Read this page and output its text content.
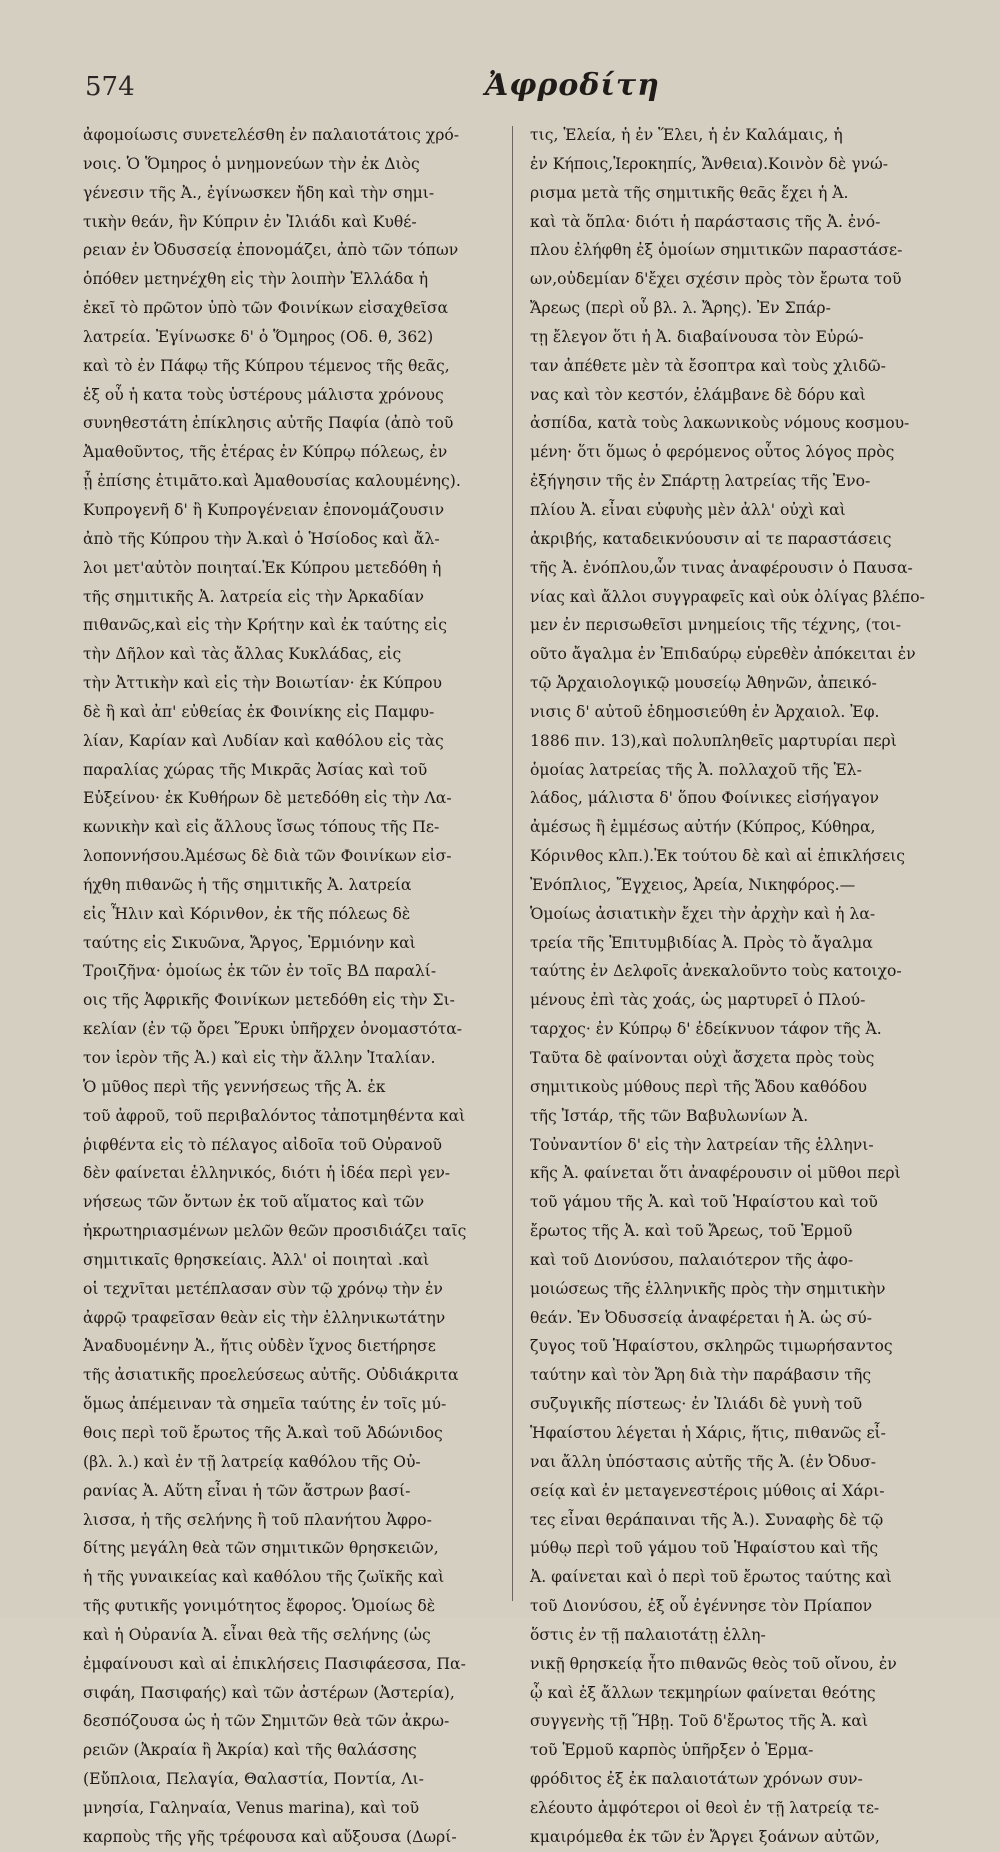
574	Ἀφροδίτη

ἀφομοίωσις συνετελέσθη ἐν παλαιοτάτοις χρό-
νοις. Ὁ Ὅμηρος ὁ μνημονεύων τὴν ἐκ Διὸς
γένεσιν τῆς Ἀ., ἐγίνωσκεν ἤδη καὶ τὴν σημι-
τικὴν θεάν, ἣν Κύπριν ἐν Ἰλιάδι καὶ Κυθέ-
ρειαν ἐν Ὀδυσσείᾳ ἐπονομάζει, ἀπὸ τῶν τόπων
ὁπόθεν μετηνέχθη εἰς τὴν λοιπὴν Ἑλλάδα ἡ
ἐκεῖ τὸ πρῶτον ὑπὸ τῶν Φοινίκων εἰσαχθεῖσα
λατρεία. Ἐγίνωσκε δ' ὁ Ὅμηρος (Οδ. θ, 362)
καὶ τὸ ἐν Πάφῳ τῆς Κύπρου τέμενος τῆς θεᾶς,
ἐξ οὗ ἡ κατα τοὺς ὑστέρους μάλιστα χρόνους
συνηθεστάτη ἐπίκλησις αὐτῆς Παφία (ἀπὸ τοῦ
Ἀμαθοῦντος, τῆς ἑτέρας ἐν Κύπρῳ πόλεως, ἐν
ᾗ ἐπίσης ἐτιμᾶτο.καὶ Ἀμαθουσίας καλουμένης).
Κυπρογενῆ δ' ἢ Κυπρογένειαν ἐπονομάζουσιν
ἀπὸ τῆς Κύπρου τὴν Ἀ.καὶ ὁ Ἡσίοδος καὶ ἄλ-
λοι μετ'αὐτὸν ποιηταί.Ἐκ Κύπρου μετεδόθη ἡ
τῆς σημιτικῆς Ἀ. λατρεία εἰς τὴν Ἀρκαδίαν
πιθανῶς,καὶ εἰς τὴν Κρήτην καὶ ἐκ ταύτης εἰς
τὴν Δῆλον καὶ τὰς ἄλλας Κυκλάδας, εἰς
τὴν Ἀττικὴν καὶ εἰς τὴν Βοιωτίαν· ἐκ Κύπρου
δὲ ἢ καὶ ἀπ' εὐθείας ἐκ Φοινίκης εἰς Παμφυ-
λίαν, Καρίαν καὶ Λυδίαν καὶ καθόλου εἰς τὰς
παραλίας χώρας τῆς Μικρᾶς Ἀσίας καὶ τοῦ
Εὐξείνου· ἐκ Κυθήρων δὲ μετεδόθη εἰς τὴν Λα-
κωνικὴν καὶ εἰς ἄλλους ἴσως τόπους τῆς Πε-
λοποννήσου.Ἀμέσως δὲ διὰ τῶν Φοινίκων εἰσ-
ήχθη πιθανῶς ἡ τῆς σημιτικῆς Ἀ. λατρεία
εἰς Ἦλιν καὶ Κόρινθον, ἐκ τῆς πόλεως δὲ
ταύτης εἰς Σικυῶνα, Ἄργος, Ἑρμιόνην καὶ
Τροιζῆνα· ὁμοίως ἐκ τῶν ἐν τοῖς ΒΔ παραλί-
οις τῆς Ἀφρικῆς Φοινίκων μετεδόθη εἰς τὴν Σι-
κελίαν (ἐν τῷ ὄρει Ἔρυκι ὑπῆρχεν ὀνομαστότα-
τον ἱερὸν τῆς Ἀ.) καὶ εἰς τὴν ἄλλην Ἰταλίαν.
Ὁ μῦθος περὶ τῆς γεννήσεως τῆς Ἀ. ἐκ
τοῦ ἀφροῦ, τοῦ περιβαλόντος τἀποτμηθέντα καὶ
ῥιφθέντα εἰς τὸ πέλαγος αἰδοῖα τοῦ Οὐρανοῦ
δὲν φαίνεται ἑλληνικός, διότι ἡ ἰδέα περὶ γεν-
νήσεως τῶν ὄντων ἐκ τοῦ αἵματος καὶ τῶν
ἠκρωτηριασμένων μελῶν θεῶν προσιδιάζει ταῖς
σημιτικαῖς θρησκείαις. Ἀλλ' οἱ ποιηταὶ .καὶ
οἱ τεχνῖται μετέπλασαν σὺν τῷ χρόνῳ τὴν ἐν
ἀφρῷ τραφεῖσαν θεὰν εἰς τὴν ἑλληνικωτάτην
Ἀναδυομένην Ἀ., ἥτις οὐδὲν ἴχνος διετήρησε
τῆς ἀσιατικῆς προελεύσεως αὐτῆς. Οὐδιάκριτα
ὅμως ἀπέμειναν τὰ σημεῖα ταύτης ἐν τοῖς μύ-
θοις περὶ τοῦ ἔρωτος τῆς Ἀ.καὶ τοῦ Ἀδώνιδος
(βλ. λ.) καὶ ἐν τῇ λατρείᾳ καθόλου τῆς Οὐ-
ρανίας Ἀ. Αὕτη εἶναι ἡ τῶν ἄστρων βασί-
λισσα, ἡ τῆς σελήνης ἢ τοῦ πλανήτου Ἀφρο-
δίτης μεγάλη θεὰ τῶν σημιτικῶν θρησκειῶν,
ἡ τῆς γυναικείας καὶ καθόλου τῆς ζωϊκῆς καὶ
τῆς φυτικῆς γονιμότητος ἔφορος. Ὁμοίως δὲ
καὶ ἡ Οὐρανία Ἀ. εἶναι θεὰ τῆς σελήνης (ὡς
ἐμφαίνουσι καὶ αἱ ἐπικλήσεις Πασιφάεσσα, Πα-
σιφάη, Πασιφαής) καὶ τῶν ἀστέρων (Ἀστερία),
δεσπόζουσα ὡς ἡ τῶν Σημιτῶν θεὰ τῶν ἀκρω-
ρειῶν (Ἀκραία ἢ Ἀκρία) καὶ τῆς θαλάσσης
(Εὔπλοια, Πελαγία, Θαλαστία, Ποντία, Λι-
μνησία, Γαληναία, Venus marina), καὶ τοῦ
καρποὺς τῆς γῆς τρέφουσα καὶ αὔξουσα (Δωρί-

τις, Ἑλεία, ἡ ἐν Ἕλει, ἡ ἐν Καλάμαις, ἡ
ἐν Κήποις,Ἱεροκηπίς, Ἄνθεια).Κοινὸν δὲ γνώ-
ρισμα μετὰ τῆς σημιτικῆς θεᾶς ἔχει ἡ Ἀ.
καὶ τὰ ὅπλα· διότι ἡ παράστασις τῆς Ἀ. ἐνό-
πλου ἐλήφθη ἐξ ὁμοίων σημιτικῶν παραστάσε-
ων,οὐδεμίαν δ'ἔχει σχέσιν πρὸς τὸν ἔρωτα τοῦ
Ἄρεως (περὶ οὗ βλ. λ. Ἄρης). Ἐν Σπάρ-
τῃ ἔλεγον ὅτι ἡ Ἀ. διαβαίνουσα τὸν Εὐρώ-
ταν ἀπέθετε μὲν τὰ ἔσοπτρα καὶ τοὺς χλιδῶ-
νας καὶ τὸν κεστόν, ἐλάμβανε δὲ δόρυ καὶ
ἀσπίδα, κατὰ τοὺς λακωνικοὺς νόμους κοσμου-
μένη· ὅτι ὅμως ὁ φερόμενος οὗτος λόγος πρὸς
ἐξήγησιν τῆς ἐν Σπάρτῃ λατρείας τῆς Ἐνο-
πλίου Ἀ. εἶναι εὐφυὴς μὲν ἀλλ' οὐχὶ καὶ
ἀκριβής, καταδεικνύουσιν αἱ τε παραστάσεις
τῆς Ἀ. ἐνόπλου,ὧν τινας ἀναφέρουσιν ὁ Παυσα-
νίας καὶ ἄλλοι συγγραφεῖς καὶ οὐκ ὀλίγας βλέπο-
μεν ἐν περισωθεῖσι μνημείοις τῆς τέχνης, (τοι-
οῦτο ἄγαλμα ἐν Ἐπιδαύρῳ εὑρεθὲν ἀπόκειται ἐν
τῷ Ἀρχαιολογικῷ μουσείῳ Ἀθηνῶν, ἀπεικό-
νισις δ' αὐτοῦ ἐδημοσιεύθη ἐν Ἀρχαιολ. Ἐφ.
1886 πιν. 13),καὶ πολυπληθεῖς μαρτυρίαι περὶ
ὁμοίας λατρείας τῆς Ἀ. πολλαχοῦ τῆς Ἑλ-
λάδος, μάλιστα δ' ὅπου Φοίνικες εἰσήγαγον
ἀμέσως ἢ ἐμμέσως αὐτήν (Κύπρος, Κύθηρα,
Κόρινθος κλπ.).Ἐκ τούτου δὲ καὶ αἱ ἐπικλήσεις
Ἐνόπλιος, Ἔγχειος, Ἀρεία, Νικηφόρος.—
Ὁμοίως ἀσιατικὴν ἔχει τὴν ἀρχὴν καὶ ἡ λα-
τρεία τῆς Ἐπιτυμβιδίας Ἀ. Πρὸς τὸ ἄγαλμα
ταύτης ἐν Δελφοῖς ἀνεκαλοῦντο τοὺς κατοιχο-
μένους ἐπὶ τὰς χοάς, ὡς μαρτυρεῖ ὁ Πλού-
ταρχος· ἐν Κύπρῳ δ' ἐδείκνυον τάφον τῆς Ἀ.
Ταῦτα δὲ φαίνονται οὐχὶ ἄσχετα πρὸς τοὺς
σημιτικοὺς μύθους περὶ τῆς Ἄδου καθόδου
τῆς Ἰστάρ, τῆς τῶν Βαβυλωνίων Ἀ.
Τοὐναντίον δ' εἰς τὴν λατρείαν τῆς ἑλληνι-
κῆς Ἀ. φαίνεται ὅτι ἀναφέρουσιν οἱ μῦθοι περὶ
τοῦ γάμου τῆς Ἀ. καὶ τοῦ Ἡφαίστου καὶ τοῦ
ἔρωτος τῆς Ἀ. καὶ τοῦ Ἄρεως, τοῦ Ἑρμοῦ
καὶ τοῦ Διονύσου, παλαιότερον τῆς ἀφο-
μοιώσεως τῆς ἑλληνικῆς πρὸς τὴν σημιτικὴν
θεάν. Ἐν Ὀδυσσείᾳ ἀναφέρεται ἡ Ἀ. ὡς σύ-
ζυγος τοῦ Ἡφαίστου, σκληρῶς τιμωρήσαντος
ταύτην καὶ τὸν Ἄρη διὰ τὴν παράβασιν τῆς
συζυγικῆς πίστεως· ἐν Ἰλιάδι δὲ γυνὴ τοῦ
Ἡφαίστου λέγεται ἡ Χάρις, ἥτις, πιθανῶς εἶ-
ναι ἄλλη ὑπόστασις αὐτῆς τῆς Ἀ. (ἐν Ὀδυσ-
σείᾳ καὶ ἐν μεταγενεστέροις μύθοις αἱ Χάρι-
τες εἶναι θεράπαιναι τῆς Ἀ.). Συναφὴς δὲ τῷ
μύθῳ περὶ τοῦ γάμου τοῦ Ἡφαίστου καὶ τῆς
Ἀ. φαίνεται καὶ ὁ περὶ τοῦ ἔρωτος ταύτης καὶ
τοῦ Διονύσου, ἐξ οὗ ἐγέννησε τὸν Πρίαπον
ὅστις ἐν τῇ παλαιοτάτῃ ἑλλη-
νικῇ θρησκείᾳ ἦτο πιθανῶς θεὸς τοῦ οἴνου, ἐν
ᾧ καὶ ἐξ ἄλλων τεκμηρίων φαίνεται θεότης
συγγενὴς τῇ Ἥβῃ. Τοῦ δ'ἔρωτος τῆς Ἀ. καὶ
τοῦ Ἑρμοῦ καρπὸς ὑπῆρξεν ὁ Ἑρμα-
φρόδιτος ἐξ ἐκ παλαιοτάτων χρόνων συν-
ελέουτο ἀμφότεροι οἱ θεοὶ ἐν τῇ λατρείᾳ τε-
κμαιρόμεθα ἐκ τῶν ἐν Ἄργει ξοάνων αὐτῶν,
